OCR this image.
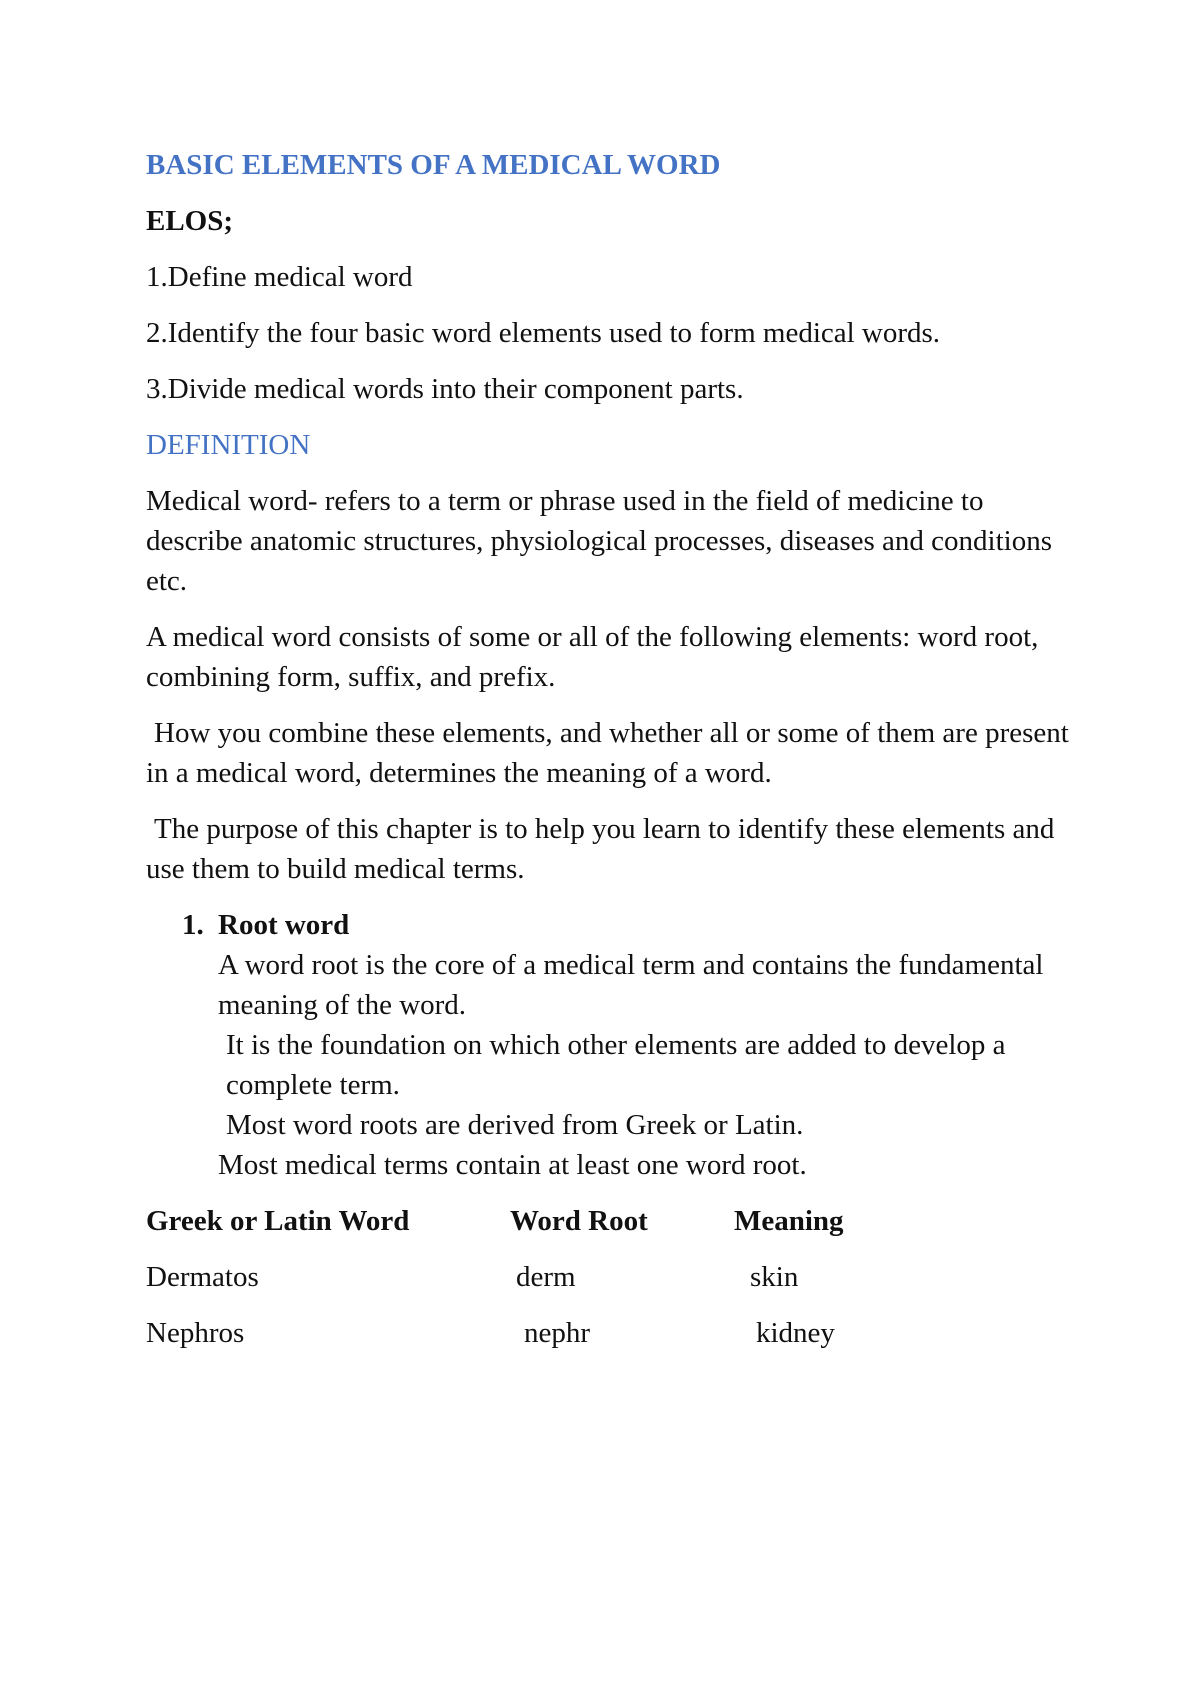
BASIC ELEMENTS OF A MEDICAL WORD
ELOS;
1.Define medical word
2.Identify the four basic word elements used to form medical words.
3.Divide medical words into their component parts.
DEFINITION
Medical word- refers to a term or phrase used in the field of medicine to describe anatomic structures, physiological processes, diseases and conditions etc.
A medical word consists of some or all of the following elements: word root, combining form, suffix, and prefix.
How you combine these elements, and whether all or some of them are present in a medical word, determines the meaning of a word.
The purpose of this chapter is to help you learn to identify these elements and use them to build medical terms.
1. Root word
A word root is the core of a medical term and contains the fundamental meaning of the word.
It is the foundation on which other elements are added to develop a complete term.
Most word roots are derived from Greek or Latin.
Most medical terms contain at least one word root.
Greek or Latin Word	Word Root	Meaning
Dermatos	derm	skin
Nephros	nephr	kidney
